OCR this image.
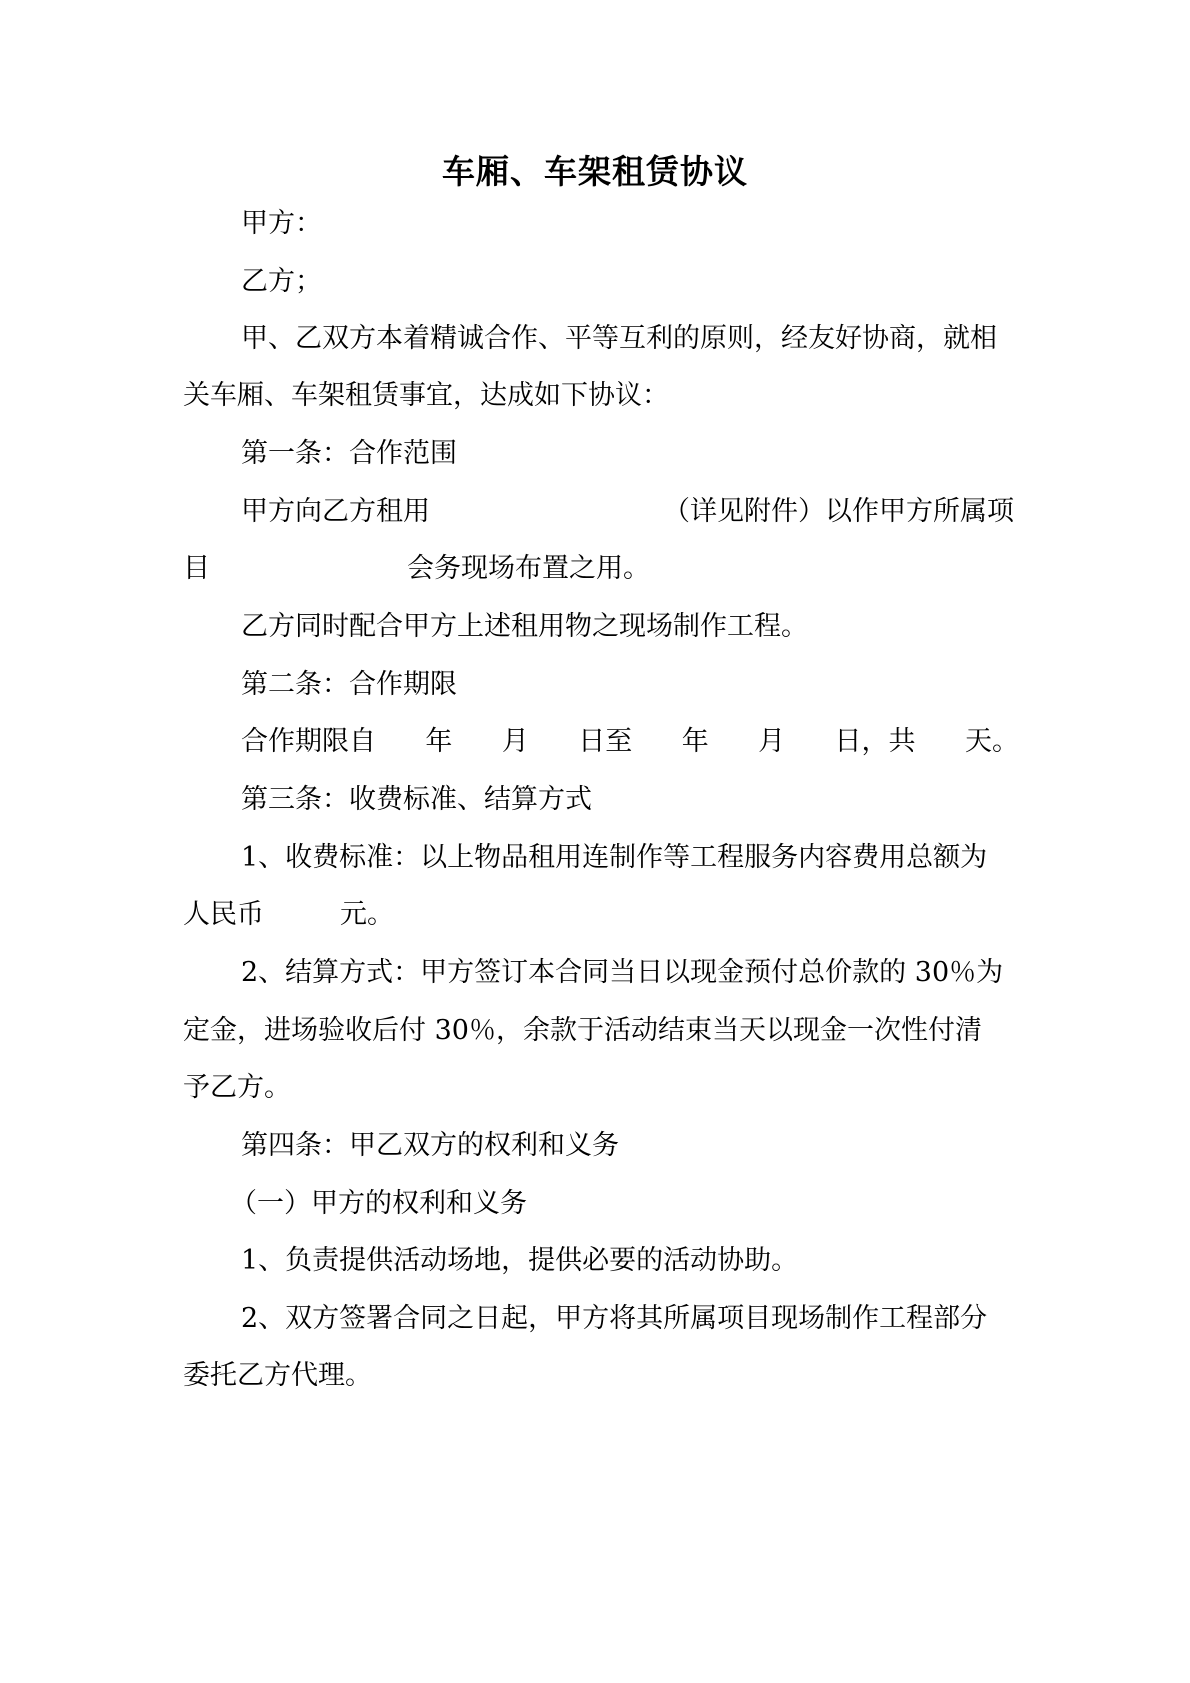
车厢、车架租赁协议
甲方：
乙方；
甲、乙双方本着精诚合作、平等互利的原则，经友好协商，就相
关车厢、车架租赁事宜，达成如下协议：
第一条：合作范围
甲方向乙方租用	（详见附件）以作甲方所属项
目	会务现场布置之用。
乙方同时配合甲方上述租用物之现场制作工程。
第二条：合作期限
合作期限自 年 月 日至 年 月 日，共 天。
第三条：收费标准、结算方式
1、收费标准：以上物品租用连制作等工程服务内容费用总额为
人民币	元。
2、结算方式：甲方签订本合同当日以现金预付总价款的 30％为
定金，进场验收后付 30％，余款于活动结束当天以现金一次性付清
予乙方。
第四条：甲乙双方的权利和义务
（一）甲方的权利和义务
1、负责提供活动场地，提供必要的活动协助。
2、双方签署合同之日起，甲方将其所属项目现场制作工程部分
委托乙方代理。
